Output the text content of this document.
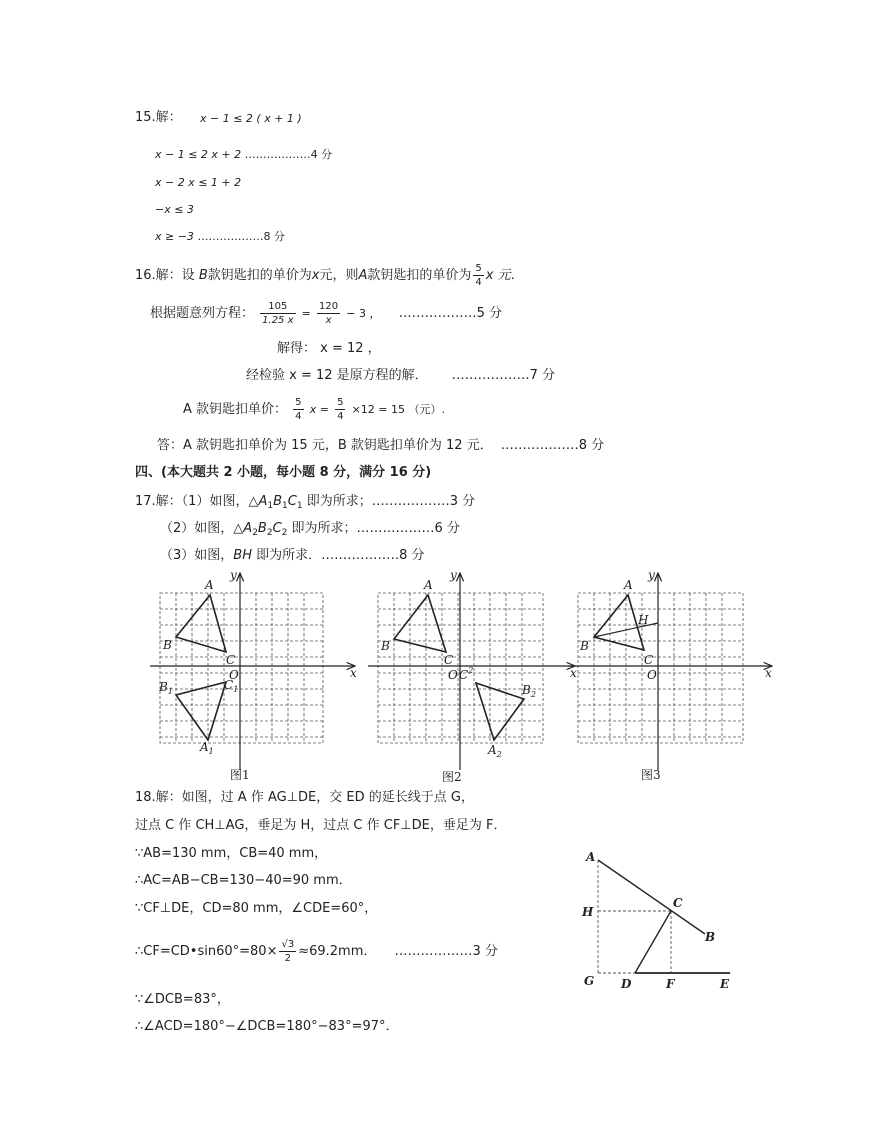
15.解： x − 1 ≤ 2 ( x + 1 )
x − 1 ≤ 2 x + 2 ………………4 分
x − 2 x ≤ 1 + 2
−x ≤ 3
x ≥ −3 ………………8 分
16.解：设 B款钥匙扣的单价为x元，则A款钥匙扣的单价为 $\frac{5}{4}$ x 元．
根据题意列方程： $\frac{105}{1.25 x} = \frac{120}{x} - 3$ ， ………………5 分
解得： x = 12 ，
经检验 x = 12 是原方程的解． ………………7 分
A 款钥匙扣单价： $\frac{5}{4}$ $x = \frac{5}{4} \times 12 = 15$ （元）.
答：A 款钥匙扣单价为 15 元，B 款钥匙扣单价为 12 元． ………………8 分
四、(本大题共 2 小题，每小题 8 分，满分 16 分)
17.解：（1）如图，$\triangle A_1B_1C_1$ 即为所求；………………3 分
（2）如图，$\triangle A_2B_2C_2$ 即为所求；………………6 分
（3）如图，BH 即为所求．………………8 分
A
B
C
O	x
y
$B_1$	$C_1$
$A_1$
图1
A
B
C
O	x
y
$C^2$
$B_2$
$A_2$
图2
A
B
C
H
O	x
y
图3
18.解：如图，过 A 作 AG⊥DE，交 ED 的延长线于点 G，
过点 C 作 CH⊥AG，垂足为 H，过点 C 作 CF⊥DE，垂足为 F．
∵AB=130 mm，CB=40 mm，
∴AC=AB−CB=130−40=90 mm．
∵CF⊥DE，CD=80 mm，∠CDE=60°，
∴CF=CD•sin60°=80× $\frac{√3}{2} \approx 69.2mm$． ………………3 分
∵∠DCB=83°，
∴∠ACD=180°−∠DCB=180°−83°=97°．
A
H
C
B
G D	F	E
